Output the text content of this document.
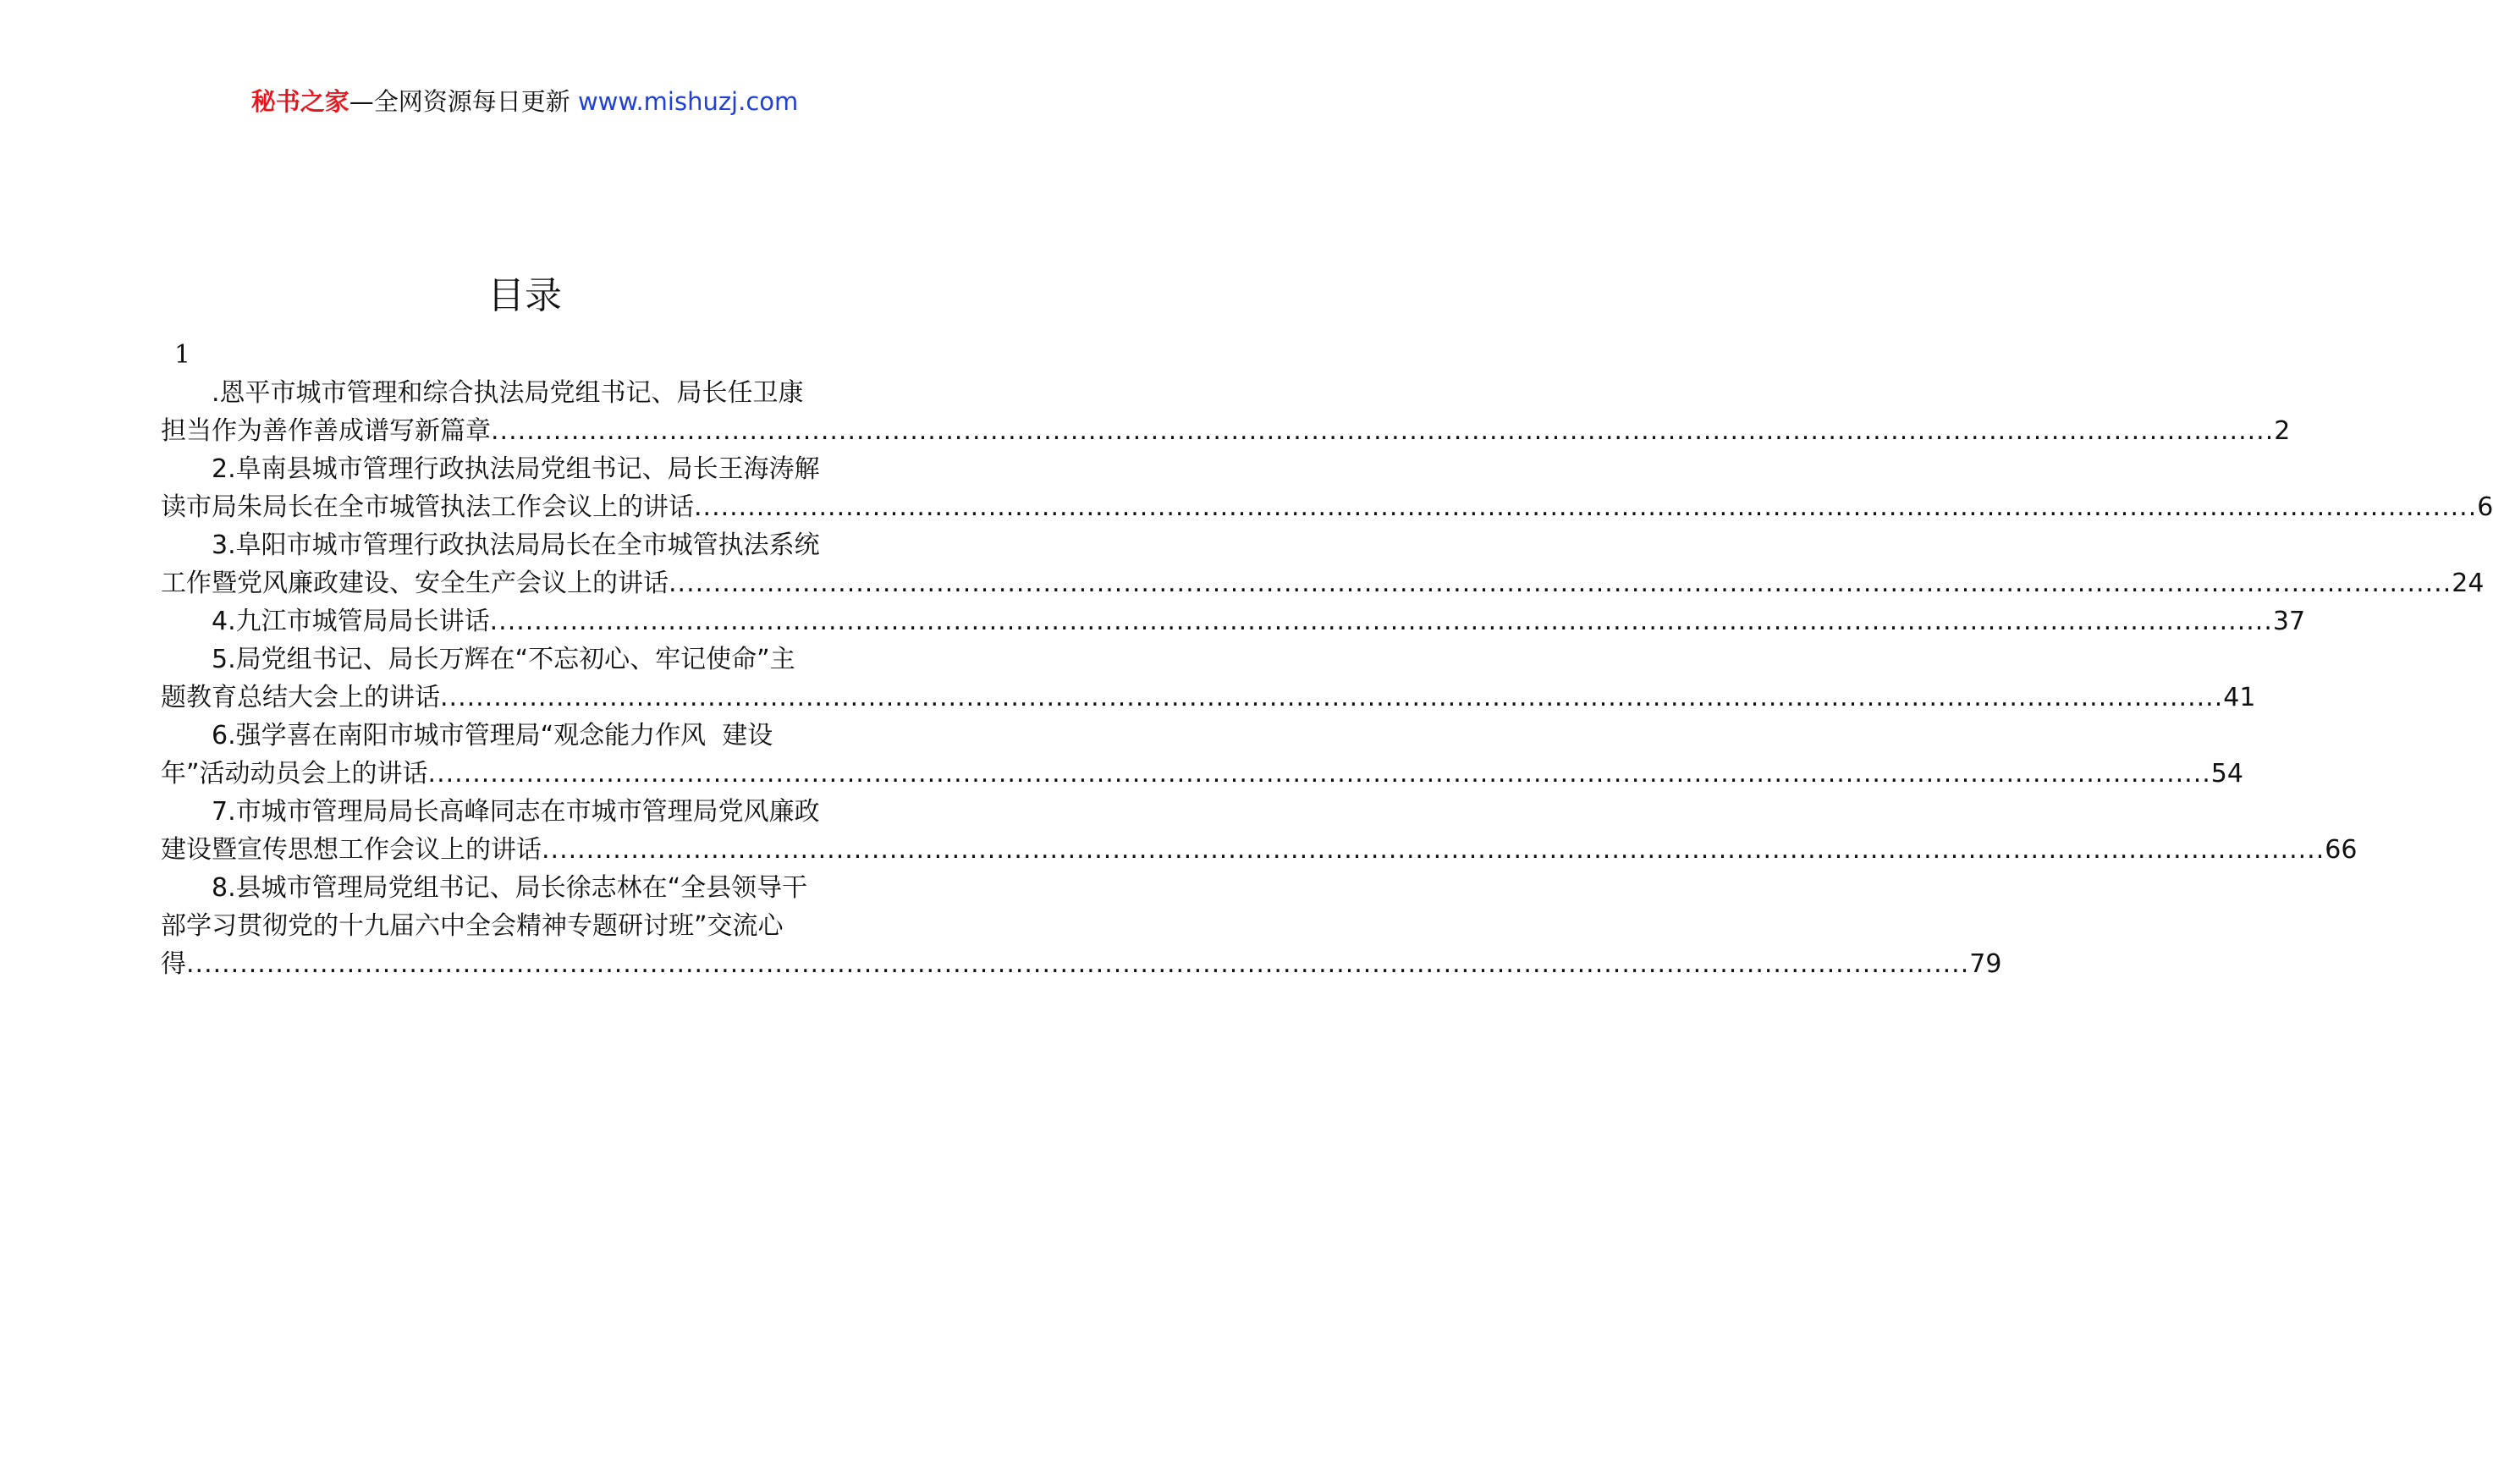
秘书之家—全网资源每日更新 www.mishuzj.com
目录
1
.恩平市城市管理和综合执法局党组书记、局长任卫康
担当作为善作善成谱写新篇章 ........................................................................................................................................................................................................ 2
2.阜南县城市管理行政执法局党组书记、局长王海涛解
读市局朱局长在全市城管执法工作会议上的讲话 ........................................................................................................................................................................................................ 6
3.阜阳市城市管理行政执法局局长在全市城管执法系统
工作暨党风廉政建设、安全生产会议上的讲话 ........................................................................................................................................................................................................ 24
4.九江市城管局局长讲话 ........................................................................................................................................................................................................ 37
5.局党组书记、局长万辉在“不忘初心、牢记使命”主
题教育总结大会上的讲话 ........................................................................................................................................................................................................ 41
6.强学喜在南阳市城市管理局“观念能力作风  建设
年”活动动员会上的讲话 ........................................................................................................................................................................................................ 54
7.市城市管理局局长高峰同志在市城市管理局党风廉政
建设暨宣传思想工作会议上的讲话 ........................................................................................................................................................................................................ 66
8.县城市管理局党组书记、局长徐志林在“全县领导干
部学习贯彻党的十九届六中全会精神专题研讨班”交流心
得 ........................................................................................................................................................................................................ 79
